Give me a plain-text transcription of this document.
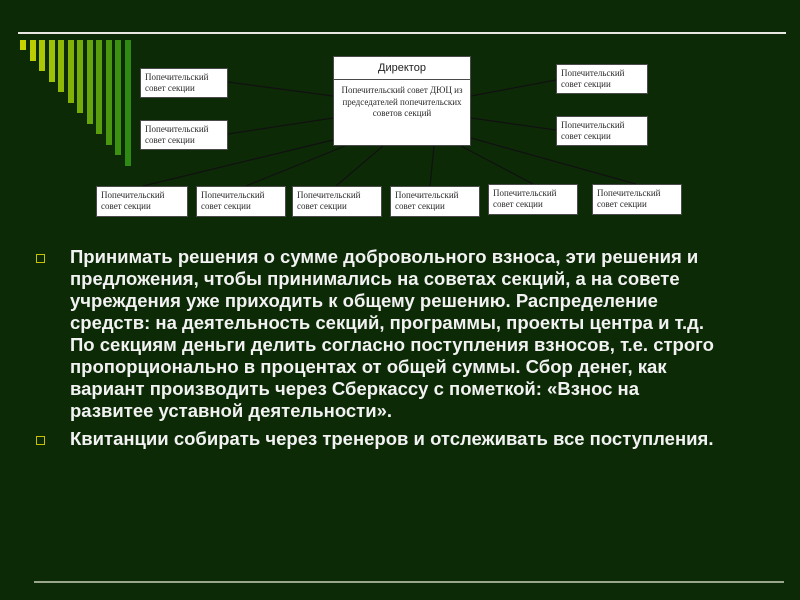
Директор
Попечительский совет ДЮЦ из председателей попечительских советов секций
Попечительский совет секции
Попечительский совет секции
Попечительский совет секции
Попечительский совет секции
Попечительский совет секции
Попечительский совет секции
Попечительский совет секции
Попечительский совет секции
Попечительский совет секции
Попечительский совет секции
Принимать решения о сумме добровольного взноса, эти решения и предложения, чтобы принимались на советах секций, а на совете учреждения уже приходить к общему решению. Распределение средств: на деятельность секций, программы, проекты центра и т.д. По секциям деньги делить согласно поступления взносов, т.е. строго пропорционально в процентах от общей суммы. Сбор денег, как вариант производить через Сберкассу с пометкой: «Взнос на развитее уставной деятельности».
Квитанции собирать через тренеров и отслеживать все поступления.
